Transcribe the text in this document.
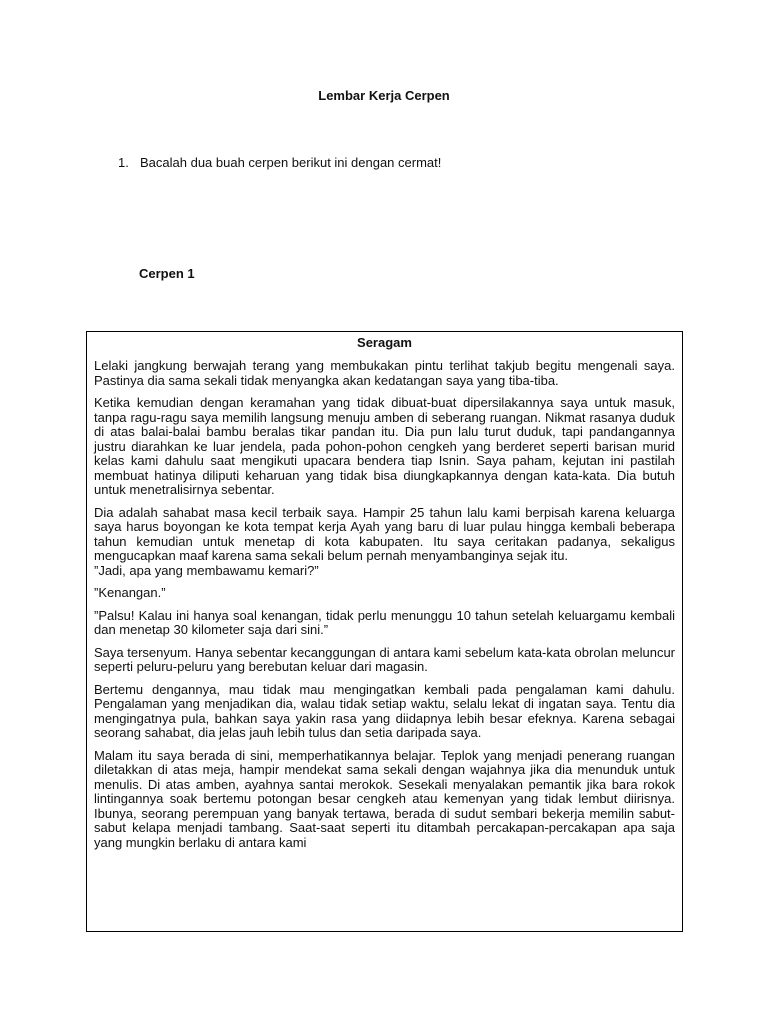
Lembar Kerja Cerpen
1. Bacalah dua buah cerpen berikut ini dengan cermat!
Cerpen 1
Seragam

Lelaki jangkung berwajah terang yang membukakan pintu terlihat takjub begitu mengenali saya. Pastinya dia sama sekali tidak menyangka akan kedatangan saya yang tiba-tiba.

Ketika kemudian dengan keramahan yang tidak dibuat-buat dipersilakannya saya untuk masuk, tanpa ragu-ragu saya memilih langsung menuju amben di seberang ruangan. Nikmat rasanya duduk di atas balai-balai bambu beralas tikar pandan itu. Dia pun lalu turut duduk, tapi pandangannya justru diarahkan ke luar jendela, pada pohon-pohon cengkeh yang berderet seperti barisan murid kelas kami dahulu saat mengikuti upacara bendera tiap Isnin. Saya paham, kejutan ini pastilah membuat hatinya diliputi keharuan yang tidak bisa diungkapkannya dengan kata-kata. Dia butuh untuk menetralisirnya sebentar.

Dia adalah sahabat masa kecil terbaik saya. Hampir 25 tahun lalu kami berpisah karena keluarga saya harus boyongan ke kota tempat kerja Ayah yang baru di luar pulau hingga kembali beberapa tahun kemudian untuk menetap di kota kabupaten. Itu saya ceritakan padanya, sekaligus mengucapkan maaf karena sama sekali belum pernah menyambanginya sejak itu.

”Jadi, apa yang membawamu kemari?”

”Kenangan.”

”Palsu! Kalau ini hanya soal kenangan, tidak perlu menunggu 10 tahun setelah keluargamu kembali dan menetap 30 kilometer saja dari sini.”

Saya tersenyum. Hanya sebentar kecanggungan di antara kami sebelum kata-kata obrolan meluncur seperti peluru-peluru yang berebutan keluar dari magasin.

Bertemu dengannya, mau tidak mau mengingatkan kembali pada pengalaman kami dahulu. Pengalaman yang menjadikan dia, walau tidak setiap waktu, selalu lekat di ingatan saya. Tentu dia mengingatnya pula, bahkan saya yakin rasa yang diidapnya lebih besar efeknya. Karena sebagai seorang sahabat, dia jelas jauh lebih tulus dan setia daripada saya.

Malam itu saya berada di sini, memperhatikannya belajar. Teplok yang menjadi penerang ruangan diletakkan di atas meja, hampir mendekat sama sekali dengan wajahnya jika dia menunduk untuk menulis. Di atas amben, ayahnya santai merokok. Sesekali menyalakan pemantik jika bara rokok lintingannya soak bertemu potongan besar cengkeh atau kemenyan yang tidak lembut diirisnya. Ibunya, seorang perempuan yang banyak tertawa, berada di sudut sembari bekerja memilin sabut-sabut kelapa menjadi tambang. Saat-saat seperti itu ditambah percakapan-percakapan apa saja yang mungkin berlaku di antara kami
